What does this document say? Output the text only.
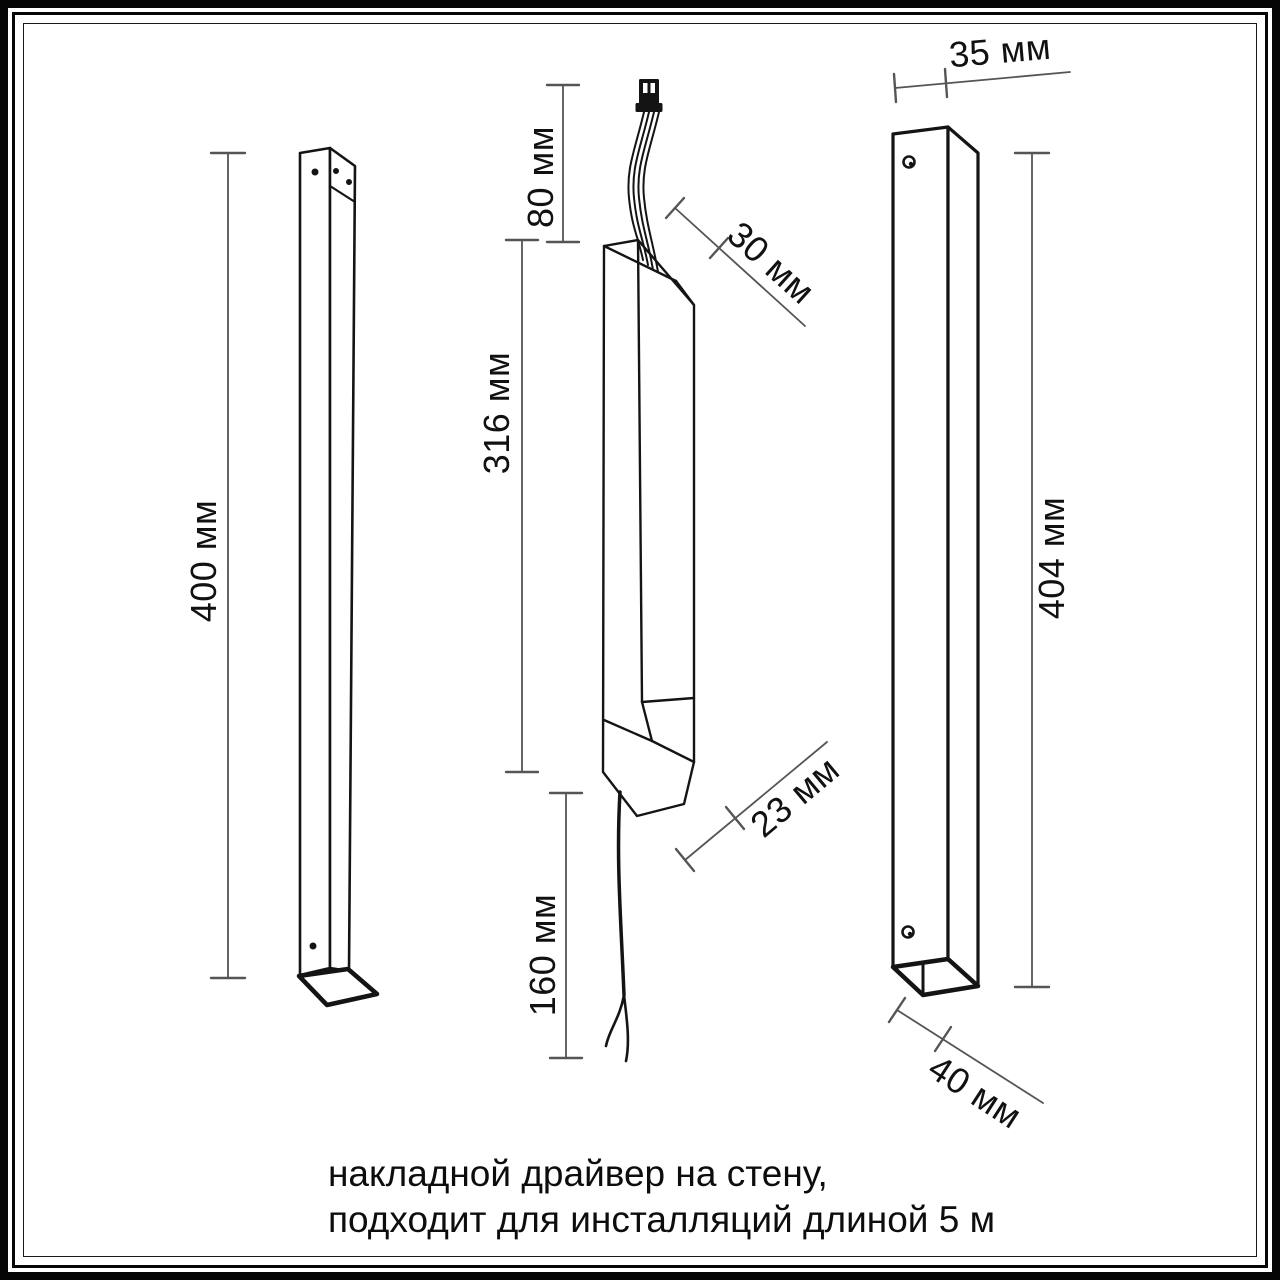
400 мм
80 мм
316 мм
160 мм
404 мм
35 мм
30 мм
23 мм
40 мм
накладной драйвер на стену,
подходит для инсталляций длиной 5 м
